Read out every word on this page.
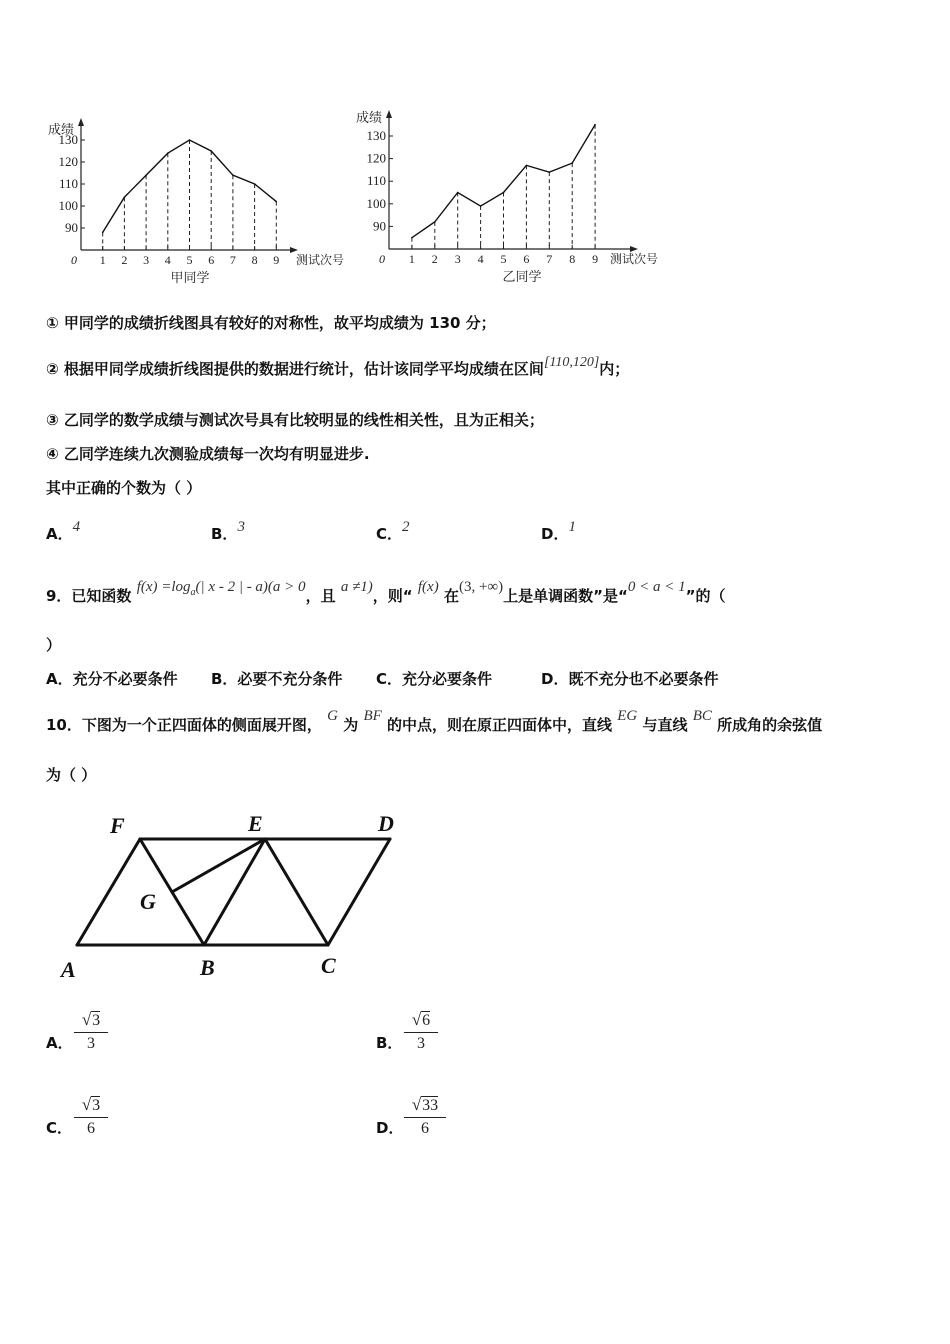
90
100
110
120
130
1 2 3 4 5 6 7 8 9
0
成绩
测试次号
甲同学
90
100
110
120
130
1 2 3 4 5 6 7 8 9
0
成绩
测试次号
乙同学
① 甲同学的成绩折线图具有较好的对称性，故平均成绩为 130 分；
② 根据甲同学成绩折线图提供的数据进行统计，估计该同学平均成绩在区间[110,120]内；
③ 乙同学的数学成绩与测试次号具有比较明显的线性相关性，且为正相关；
④ 乙同学连续九次测验成绩每一次均有明显进步.
其中正确的个数为（ ）
A．4	B．3	C．2	D．1
9．已知函数 $f(x) =\log_a(|$ x - 2 | - a)(a > 0，且 a ≠1)，则“ f(x) 在(3, +∞)上是单调函数”是“0 < a < 1”的（
）
A．充分不必要条件 B．必要不充分条件 C．充分必要条件	D．既不充分也不必要条件
10．下图为一个正四面体的侧面展开图， G 为 BF 的中点，则在原正四面体中，直线 EG 与直线 BC 所成角的余弦值
为（ ）
F	E	D
G
A	B	C
A． $\frac{√3}{3}$	B． $\frac{√6}{3}$
C． $\frac{√3}{6}$	D． $\frac{√33}{6}$
